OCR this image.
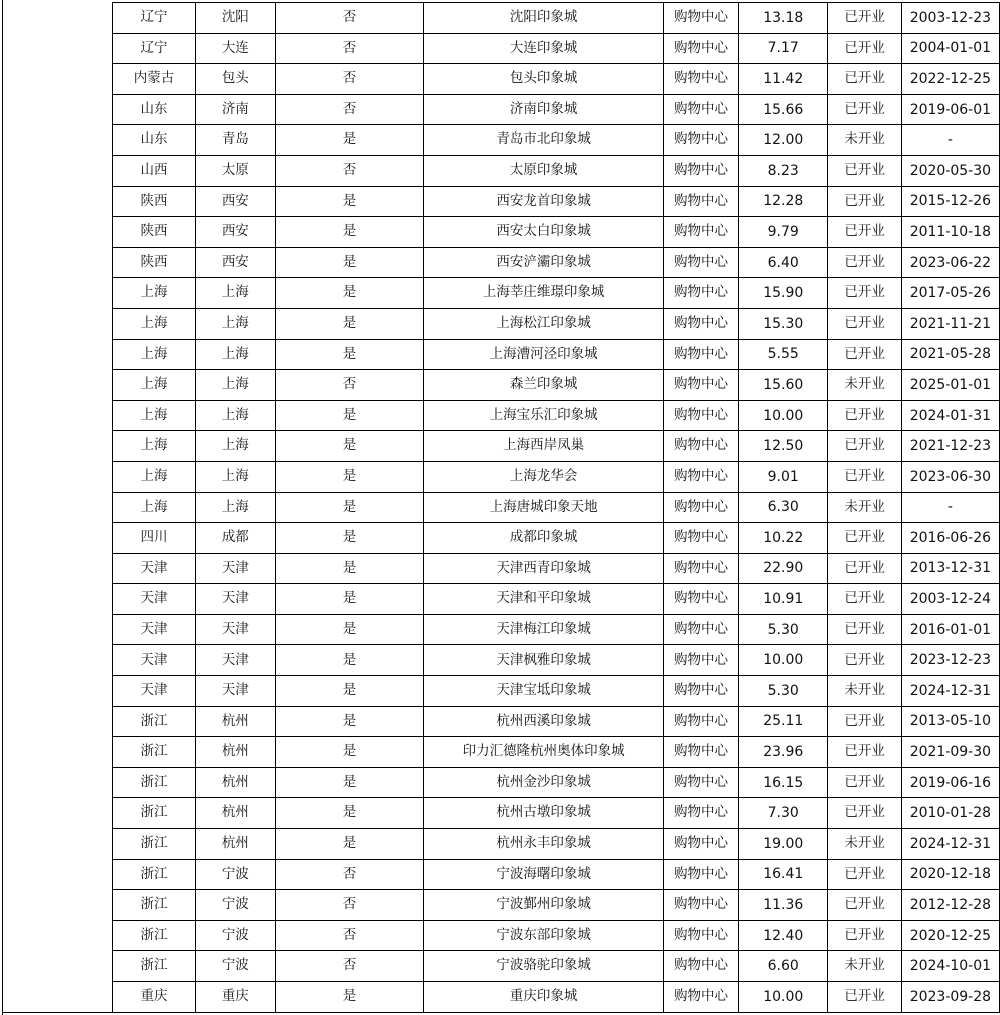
辽宁	沈阳	否	沈阳印象城	购物中心	13.18	已开业	2003-12-23
辽宁	大连	否	大连印象城	购物中心	7.17	已开业	2004-01-01
内蒙古	包头	否	包头印象城	购物中心	11.42	已开业	2022-12-25
山东	济南	否	济南印象城	购物中心	15.66	已开业	2019-06-01
山东	青岛	是	青岛市北印象城	购物中心	12.00	未开业	-
山西	太原	否	太原印象城	购物中心	8.23	已开业	2020-05-30
陕西	西安	是	西安龙首印象城	购物中心	12.28	已开业	2015-12-26
陕西	西安	是	西安太白印象城	购物中心	9.79	已开业	2011-10-18
陕西	西安	是	西安浐灞印象城	购物中心	6.40	已开业	2023-06-22
上海	上海	是	上海莘庄维璟印象城	购物中心	15.90	已开业	2017-05-26
上海	上海	是	上海松江印象城	购物中心	15.30	已开业	2021-11-21
上海	上海	是	上海漕河泾印象城	购物中心	5.55	已开业	2021-05-28
上海	上海	否	森兰印象城	购物中心	15.60	未开业	2025-01-01
上海	上海	是	上海宝乐汇印象城	购物中心	10.00	已开业	2024-01-31
上海	上海	是	上海西岸凤巢	购物中心	12.50	已开业	2021-12-23
上海	上海	是	上海龙华会	购物中心	9.01	已开业	2023-06-30
上海	上海	是	上海唐城印象天地	购物中心	6.30	未开业	-
四川	成都	是	成都印象城	购物中心	10.22	已开业	2016-06-26
天津	天津	是	天津西青印象城	购物中心	22.90	已开业	2013-12-31
天津	天津	是	天津和平印象城	购物中心	10.91	已开业	2003-12-24
天津	天津	是	天津梅江印象城	购物中心	5.30	已开业	2016-01-01
天津	天津	是	天津枫雅印象城	购物中心	10.00	已开业	2023-12-23
天津	天津	是	天津宝坻印象城	购物中心	5.30	未开业	2024-12-31
浙江	杭州	是	杭州西溪印象城	购物中心	25.11	已开业	2013-05-10
浙江	杭州	是	印力汇德隆杭州奥体印象城	购物中心	23.96	已开业	2021-09-30
浙江	杭州	是	杭州金沙印象城	购物中心	16.15	已开业	2019-06-16
浙江	杭州	是	杭州古墩印象城	购物中心	7.30	已开业	2010-01-28
浙江	杭州	是	杭州永丰印象城	购物中心	19.00	未开业	2024-12-31
浙江	宁波	否	宁波海曙印象城	购物中心	16.41	已开业	2020-12-18
浙江	宁波	否	宁波鄞州印象城	购物中心	11.36	已开业	2012-12-28
浙江	宁波	否	宁波东部印象城	购物中心	12.40	已开业	2020-12-25
浙江	宁波	否	宁波骆驼印象城	购物中心	6.60	未开业	2024-10-01
重庆	重庆	是	重庆印象城	购物中心	10.00	已开业	2023-09-28
